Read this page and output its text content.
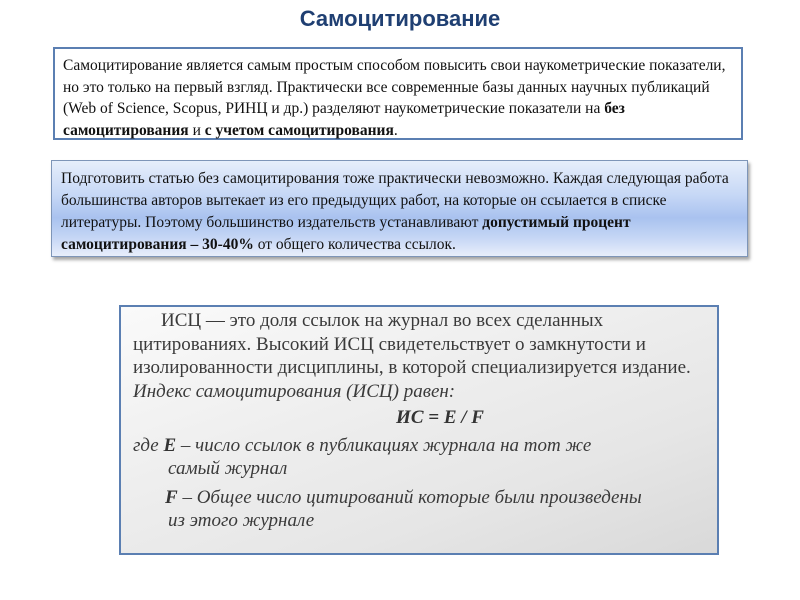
Самоцитирование

Самоцитирование является самым простым способом повысить свои наукометрические показатели, но это только на первый взгляд. Практически все современные базы данных научных публикаций (Web of Science, Scopus, РИНЦ и др.) разделяют наукометрические показатели на без самоцитирования и с учетом самоцитирования.

Подготовить статью без самоцитирования тоже практически невозможно. Каждая следующая работа большинства авторов вытекает из его предыдущих работ, на которые он ссылается в списке литературы. Поэтому большинство издательств устанавливают допустимый процент самоцитирования – 30-40% от общего количества ссылок.

ИСЦ — это доля ссылок на журнал во всех сделанных цитированиях. Высокий ИСЦ свидетельствует о замкнутости и изолированности дисциплины, в которой специализируется издание. Индекс самоцитирования (ИСЦ) равен:

ИС = E / F

где E – число ссылок в публикациях журнала на тот же

самый журнал

F – Общее число цитирований которые были произведены

из этого журнале
